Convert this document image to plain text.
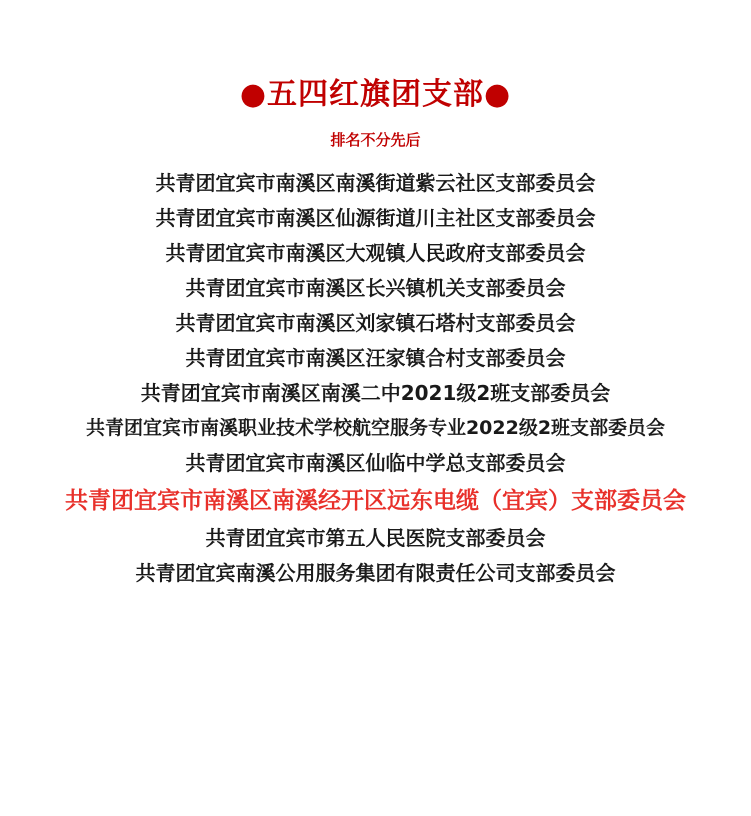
●五四红旗团支部●
排名不分先后
共青团宜宾市南溪区南溪街道紫云社区支部委员会
共青团宜宾市南溪区仙源街道川主社区支部委员会
共青团宜宾市南溪区大观镇人民政府支部委员会
共青团宜宾市南溪区长兴镇机关支部委员会
共青团宜宾市南溪区刘家镇石塔村支部委员会
共青团宜宾市南溪区汪家镇合村支部委员会
共青团宜宾市南溪区南溪二中2021级2班支部委员会
共青团宜宾市南溪职业技术学校航空服务专业2022级2班支部委员会
共青团宜宾市南溪区仙临中学总支部委员会
共青团宜宾市南溪区南溪经开区远东电缆（宜宾）支部委员会
共青团宜宾市第五人民医院支部委员会
共青团宜宾南溪公用服务集团有限责任公司支部委员会
